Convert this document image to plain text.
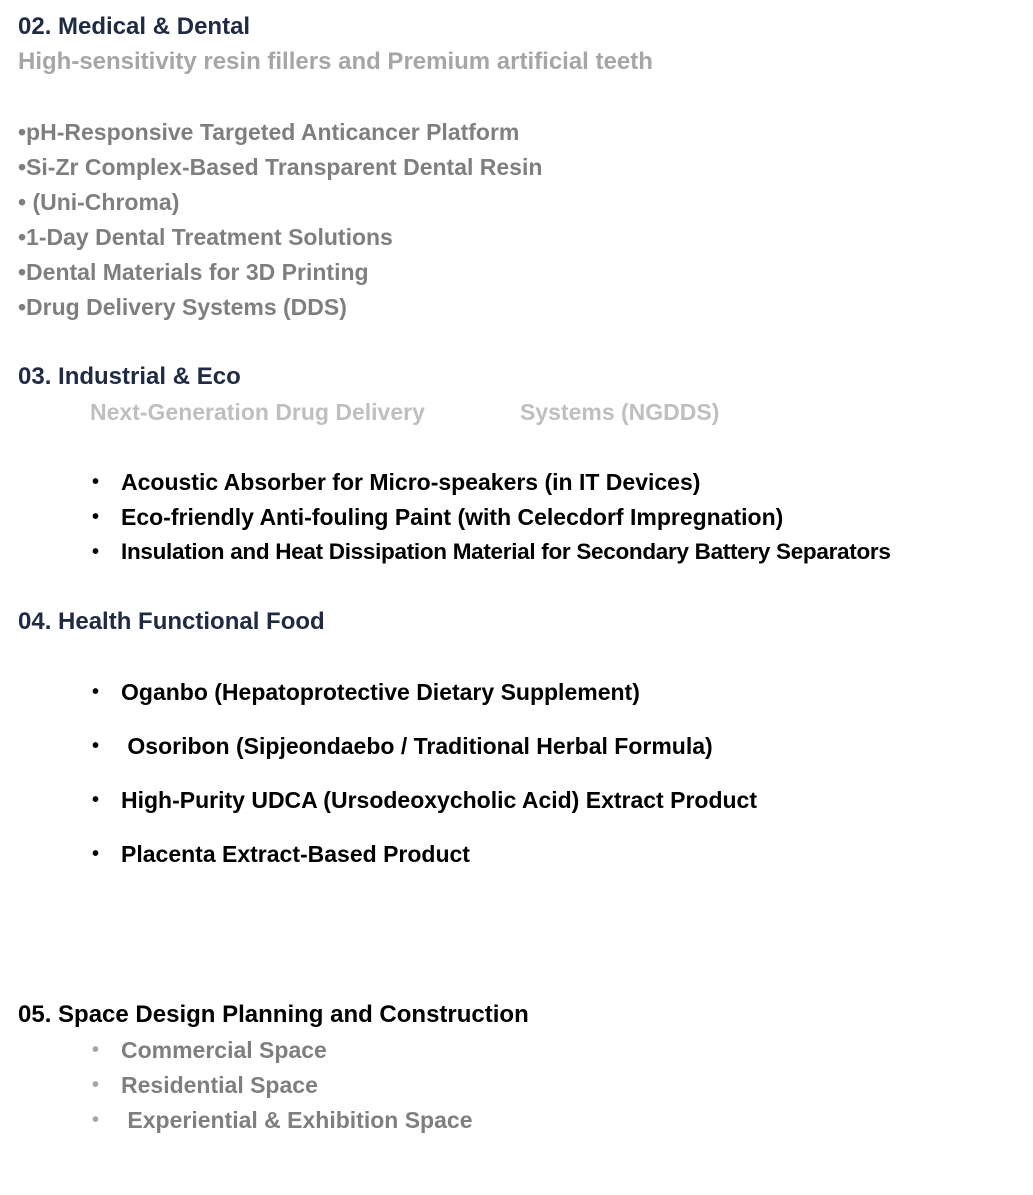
02. Medical & Dental
High-sensitivity resin fillers and Premium artificial teeth
•pH-Responsive Targeted Anticancer Platform
•Si-Zr Complex-Based Transparent Dental Resin
• (Uni-Chroma)
•1-Day Dental Treatment Solutions
•Dental Materials for 3D Printing
•Drug Delivery Systems (DDS)
03. Industrial & Eco
Next-Generation Drug Delivery	Systems (NGDDS)

•

Acoustic Absorber for Micro-speakers (in IT Devices)

•

Eco-friendly Anti-fouling Paint (with Celecdorf Impregnation)

•

Insulation and Heat Dissipation Material for Secondary Battery Separators

04. Health Functional Food

•

Oganbo (Hepatoprotective Dietary Supplement)

•

Osoribon (Sipjeondaebo / Traditional Herbal Formula)

•

High-Purity UDCA (Ursodeoxycholic Acid) Extract Product

•

Placenta Extract-Based Product

05. Space Design Planning and Construction

•

Commercial Space

•

Residential Space

•

Experiential & Exhibition Space
